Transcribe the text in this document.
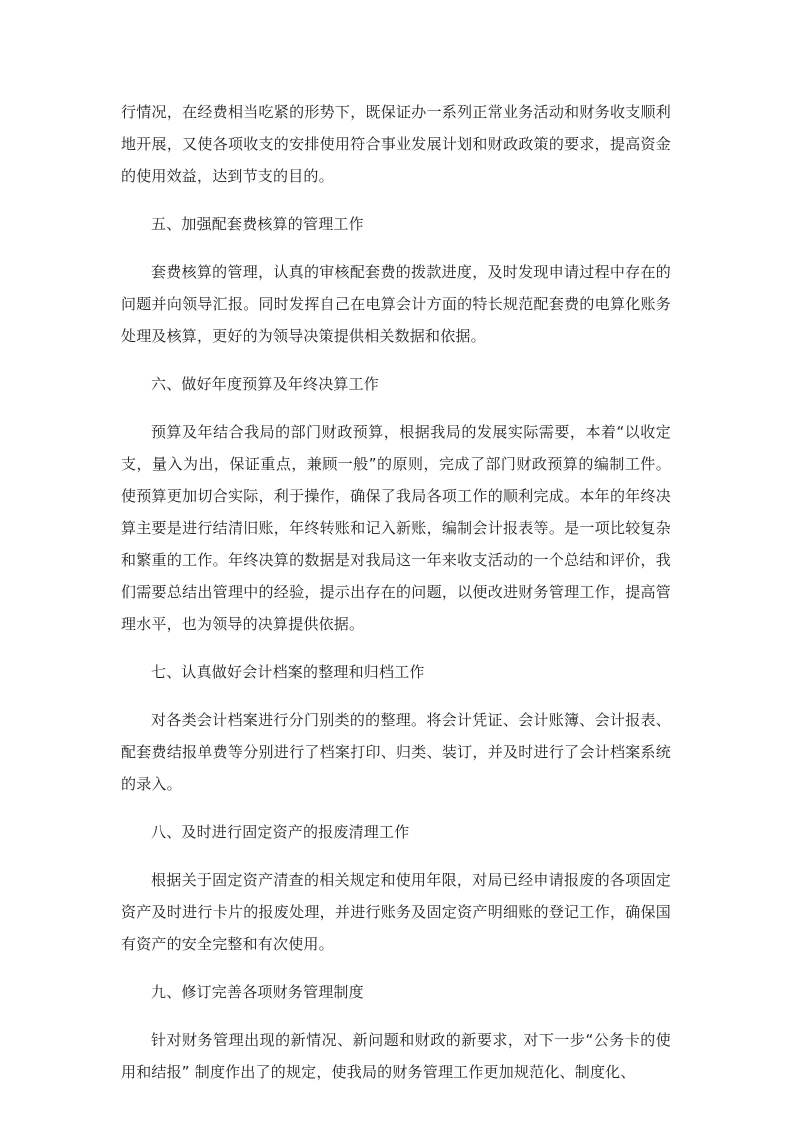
行情况，在经费相当吃紧的形势下，既保证办一系列正常业务活动和财务收支顺利地开展，又使各项收支的安排使用符合事业发展计划和财政政策的要求，提高资金的使用效益，达到节支的目的。

五、加强配套费核算的管理工作

套费核算的管理，认真的审核配套费的拨款进度，及时发现申请过程中存在的问题并向领导汇报。同时发挥自己在电算会计方面的特长规范配套费的电算化账务处理及核算，更好的为领导决策提供相关数据和依据。

六、做好年度预算及年终决算工作

预算及年结合我局的部门财政预算，根据我局的发展实际需要，本着“以收定支，量入为出，保证重点，兼顾一般”的原则，完成了部门财政预算的编制工件。使预算更加切合实际，利于操作，确保了我局各项工作的顺利完成。本年的年终决算主要是进行结清旧账，年终转账和记入新账，编制会计报表等。是一项比较复杂和繁重的工作。年终决算的数据是对我局这一年来收支活动的一个总结和评价，我们需要总结出管理中的经验，提示出存在的问题，以便改进财务管理工作，提高管理水平，也为领导的决算提供依据。

七、认真做好会计档案的整理和归档工作

对各类会计档案进行分门别类的的整理。将会计凭证、会计账簿、会计报表、配套费结报单费等分别进行了档案打印、归类、装订，并及时进行了会计档案系统的录入。

八、及时进行固定资产的报废清理工作

根据关于固定资产清查的相关规定和使用年限，对局已经申请报废的各项固定资产及时进行卡片的报废处理，并进行账务及固定资产明细账的登记工作，确保国有资产的安全完整和有次使用。

九、修订完善各项财务管理制度

针对财务管理出现的新情况、新问题和财政的新要求，对下一步“公务卡的使用和结报” 制度作出了的规定，使我局的财务管理工作更加规范化、制度化、
